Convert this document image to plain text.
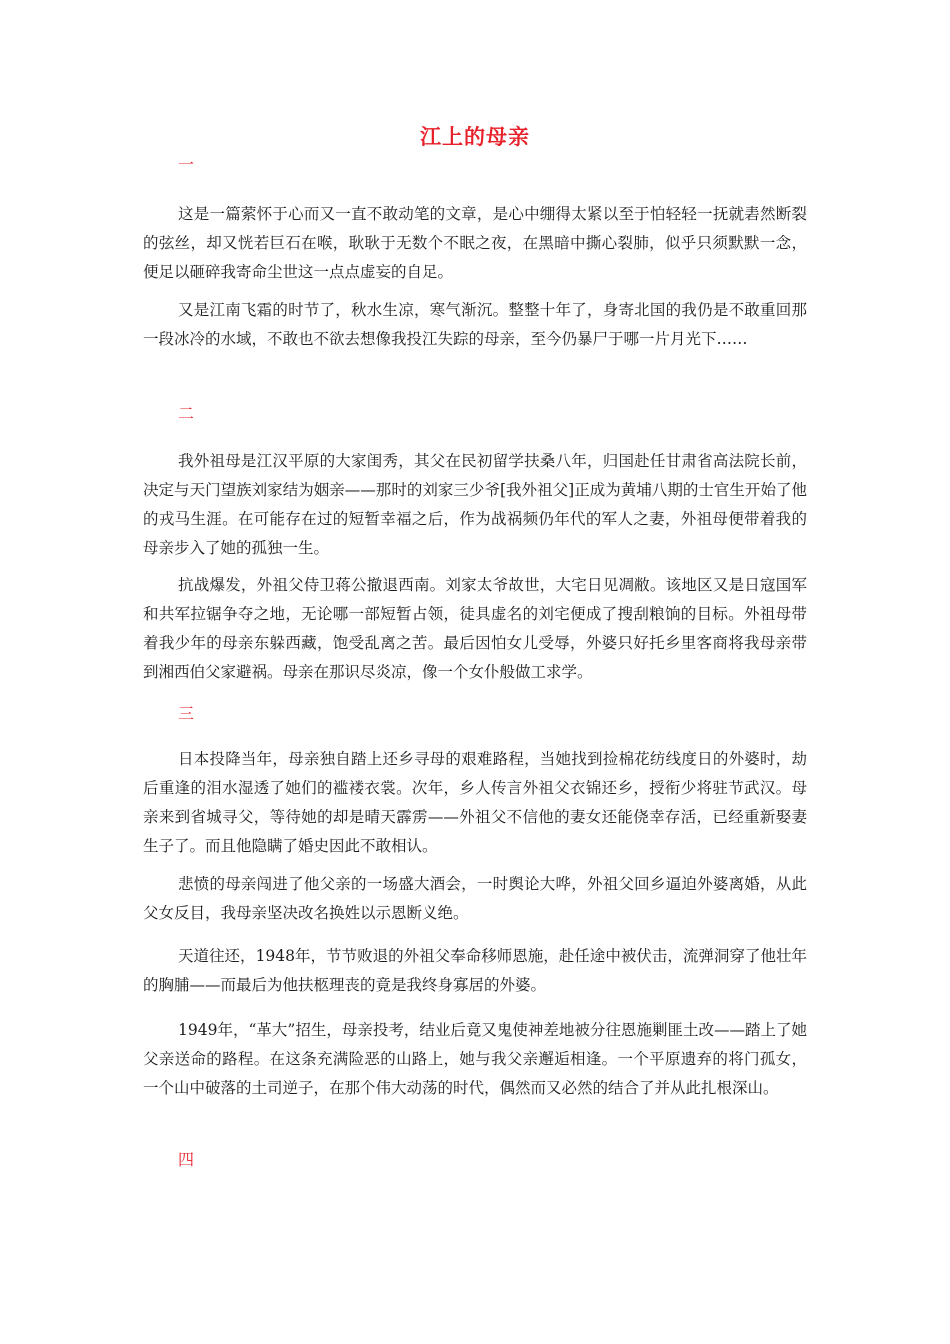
江上的母亲
一

这是一篇萦怀于心而又一直不敢动笔的文章，是心中绷得太紧以至于怕轻轻一抚就砉然断裂的弦丝，却又恍若巨石在喉，耿耿于无数个不眠之夜，在黑暗中撕心裂肺，似乎只须默默一念，便足以砸碎我寄命尘世这一点点虚妄的自足。

又是江南飞霜的时节了，秋水生凉，寒气渐沉。整整十年了，身寄北国的我仍是不敢重回那一段冰冷的水域，不敢也不欲去想像我投江失踪的母亲，至今仍暴尸于哪一片月光下……

二

我外祖母是江汉平原的大家闺秀，其父在民初留学扶桑八年，归国赴任甘肃省高法院长前，决定与天门望族刘家结为姻亲——那时的刘家三少爷[我外祖父]正成为黄埔八期的士官生开始了他的戎马生涯。在可能存在过的短暂幸福之后，作为战祸频仍年代的军人之妻，外祖母便带着我的母亲步入了她的孤独一生。

抗战爆发，外祖父侍卫蒋公撤退西南。刘家太爷故世，大宅日见凋敝。该地区又是日寇国军和共军拉锯争夺之地，无论哪一部短暂占领，徒具虚名的刘宅便成了搜刮粮饷的目标。外祖母带着我少年的母亲东躲西藏，饱受乱离之苦。最后因怕女儿受辱，外婆只好托乡里客商将我母亲带到湘西伯父家避祸。母亲在那识尽炎凉，像一个女仆般做工求学。

三

日本投降当年，母亲独自踏上还乡寻母的艰难路程，当她找到捡棉花纺线度日的外婆时，劫后重逢的泪水湿透了她们的褴褛衣裳。次年，乡人传言外祖父衣锦还乡，授衔少将驻节武汉。母亲来到省城寻父，等待她的却是晴天霹雳——外祖父不信他的妻女还能侥幸存活，已经重新娶妻生子了。而且他隐瞒了婚史因此不敢相认。

悲愤的母亲闯进了他父亲的一场盛大酒会，一时舆论大哗，外祖父回乡逼迫外婆离婚，从此父女反目，我母亲坚决改名换姓以示恩断义绝。

天道往还，1948年，节节败退的外祖父奉命移师恩施，赴任途中被伏击，流弹洞穿了他壮年的胸脯——而最后为他扶柩理丧的竟是我终身寡居的外婆。

1949年，“革大”招生，母亲投考，结业后竟又鬼使神差地被分往恩施剿匪土改——踏上了她父亲送命的路程。在这条充满险恶的山路上，她与我父亲邂逅相逢。一个平原遗弃的将门孤女，一个山中破落的土司逆子，在那个伟大动荡的时代，偶然而又必然的结合了并从此扎根深山。

四
